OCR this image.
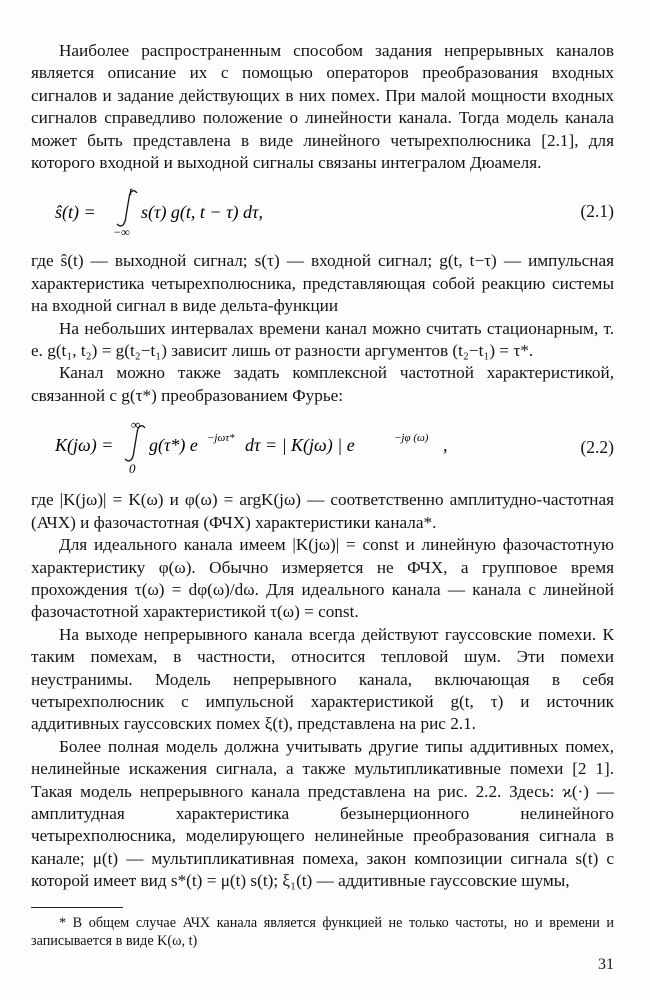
Наиболее распространенным способом задания непрерывных каналов является описание их с помощью операторов преобразования входных сигналов и задание действующих в них помех. При малой мощности входных сигналов справедливо положение о линейности канала. Тогда модель канала может быть представлена в виде линейного четырехполюсника [2.1], для которого входной и выходной сигналы связаны интегралом Дюамеля.

ŝ(t) =
t
−∞
s(τ) g(t, t − τ) dτ,	(2.1)

где ŝ(t) — выходной сигнал; s(τ) — входной сигнал; g(t, t−τ) — импульсная характеристика четырехполюсника, представляющая собой реакцию системы на входной сигнал в виде дельта-функции

На небольших интервалах времени канал можно считать стационарным, т. е. g(t₁, t₂) = g(t₂−t₁) зависит лишь от разности аргументов (t₂−t₁) = τ*.

Канал можно также задать комплексной частотной характеристикой, связанной с g(τ*) преобразованием Фурье:

K(jω) =
∞
0
g(τ*) e −jωτ* dτ = | K(jω) | e	−jφ (ω) ,	(2.2)

где |K(jω)| = K(ω) и φ(ω) = argK(jω) — соответственно амплитудно-частотная (АЧХ) и фазочастотная (ФЧХ) характеристики канала*.

Для идеального канала имеем |K(jω)| = const и линейную фазочастотную характеристику φ(ω). Обычно измеряется не ФЧХ, а групповое время прохождения τ(ω) = dφ(ω)/dω. Для идеального канала — канала с линейной фазочастотной характеристикой τ(ω) = const.

На выходе непрерывного канала всегда действуют гауссовские помехи. К таким помехам, в частности, относится тепловой шум. Эти помехи неустранимы. Модель непрерывного канала, включающая в себя четырехполюсник с импульсной характеристикой g(t, τ) и источник аддитивных гауссовских помех ξ(t), представлена на рис 2.1.

Более полная модель должна учитывать другие типы аддитивных помех, нелинейные искажения сигнала, а также мультипликативные помехи [2 1]. Такая модель непрерывного канала представлена на рис. 2.2. Здесь: ϰ(·) — амплитудная характеристика безынерционного нелинейного четырехполюсника, моделирующего нелинейные преобразования сигнала в канале; μ(t) — мультипликативная помеха, закон композиции сигнала s(t) с которой имеет вид s*(t) = μ(t) s(t); ξ₁(t) — аддитивные гауссовские шумы,

* В общем случае АЧХ канала является функцией не только частоты, но и времени и записывается в виде K(ω, t)

31
